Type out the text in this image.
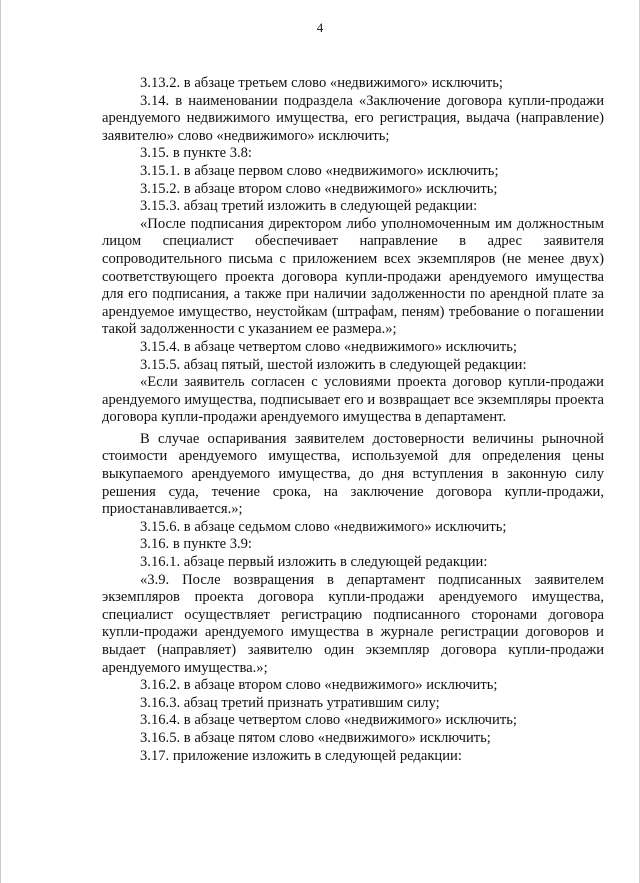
4

3.13.2. в абзаце третьем слово «недвижимого» исключить;

3.14. в наименовании подраздела «Заключение договора купли-продажи арендуемого недвижимого имущества, его регистрация, выдача (направление) заявителю» слово «недвижимого» исключить;

3.15. в пункте 3.8:

3.15.1. в абзаце первом слово «недвижимого» исключить;

3.15.2. в абзаце втором слово «недвижимого» исключить;

3.15.3. абзац третий изложить в следующей редакции:

«После подписания директором либо уполномоченным им должностным лицом специалист обеспечивает направление в адрес заявителя сопроводительного письма с приложением всех экземпляров (не менее двух) соответствующего проекта договора купли-продажи арендуемого имущества для его подписания, а также при наличии задолженности по арендной плате за арендуемое имущество, неустойкам (штрафам, пеням) требование о погашении такой задолженности с указанием ее размера.»;

3.15.4. в абзаце четвертом слово «недвижимого» исключить;

3.15.5. абзац пятый, шестой изложить в следующей редакции:

«Если заявитель согласен с условиями проекта договор купли-продажи арендуемого имущества, подписывает его и возвращает все экземпляры проекта договора купли-продажи арендуемого имущества в департамент.

В случае оспаривания заявителем достоверности величины рыночной стоимости арендуемого имущества, используемой для определения цены выкупаемого арендуемого имущества, до дня вступления в законную силу решения суда, течение срока, на заключение договора купли-продажи, приостанавливается.»;

3.15.6. в абзаце седьмом слово «недвижимого» исключить;

3.16. в пункте 3.9:

3.16.1. абзаце первый изложить в следующей редакции:

«3.9. После возвращения в департамент подписанных заявителем экземпляров проекта договора купли-продажи арендуемого имущества, специалист осуществляет регистрацию подписанного сторонами договора купли-продажи арендуемого имущества в журнале регистрации договоров и выдает (направляет) заявителю один экземпляр договора купли-продажи арендуемого имущества.»;

3.16.2. в абзаце втором слово «недвижимого» исключить;

3.16.3. абзац третий признать утратившим силу;

3.16.4. в абзаце четвертом слово «недвижимого» исключить;

3.16.5. в абзаце пятом слово «недвижимого» исключить;

3.17. приложение изложить в следующей редакции:
